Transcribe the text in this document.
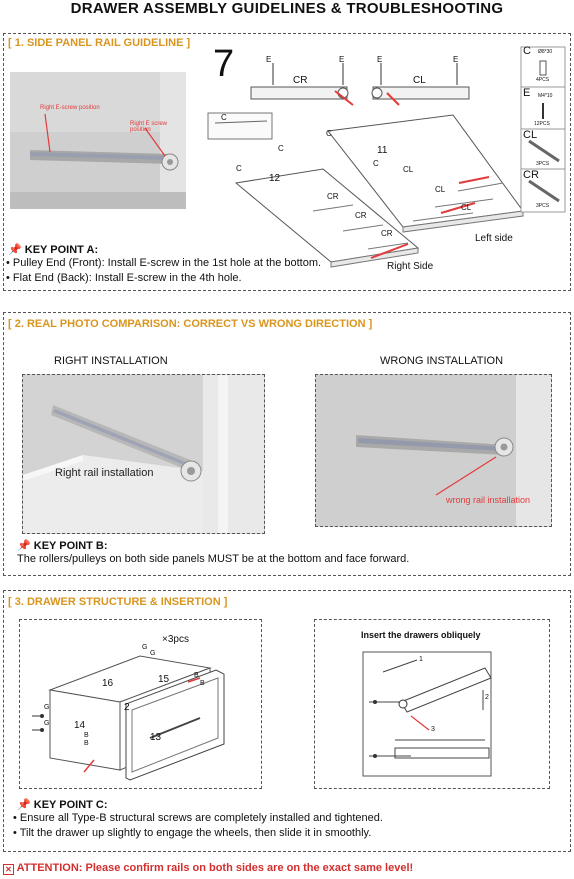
DRAWER ASSEMBLY GUIDELINES & TROUBLESHOOTING
[ 1. SIDE PANEL RAIL GUIDELINE ]
Right E-screw position
Right E screw position
7	CR	CL
C
C
C
C
C
E	E	E	E
12
11
CR
CR
CR
CL
CL
CL
Right Side
Left side
C Ø8*30
4PCS
E M4*10
12PCS
CL
3PCS
CR
3PCS
📌 KEY POINT A:
• Pulley End (Front): Install E-screw in the 1st hole at the bottom.
• Flat End (Back): Install E-screw in the 4th hole.
[ 2. REAL PHOTO COMPARISON: CORRECT VS WRONG DIRECTION ]
RIGHT INSTALLATION	WRONG INSTALLATION
Right rail installation
wrong rail installation
📌 KEY POINT B:
The rollers/pulleys on both side panels MUST be at the bottom and face forward.
[ 3. DRAWER STRUCTURE & INSERTION ]
×3pcs
16	15
14
2
13
G
G
B
B
G
G
B
B
Insert the drawers obliquely
1
2
3
📌 KEY POINT C:
• Ensure all Type-B structural screws are completely installed and tightened.
• Tilt the drawer up slightly to engage the wheels, then slide it in smoothly.
✕ ATTENTION: Please confirm rails on both sides are on the exact same level!
